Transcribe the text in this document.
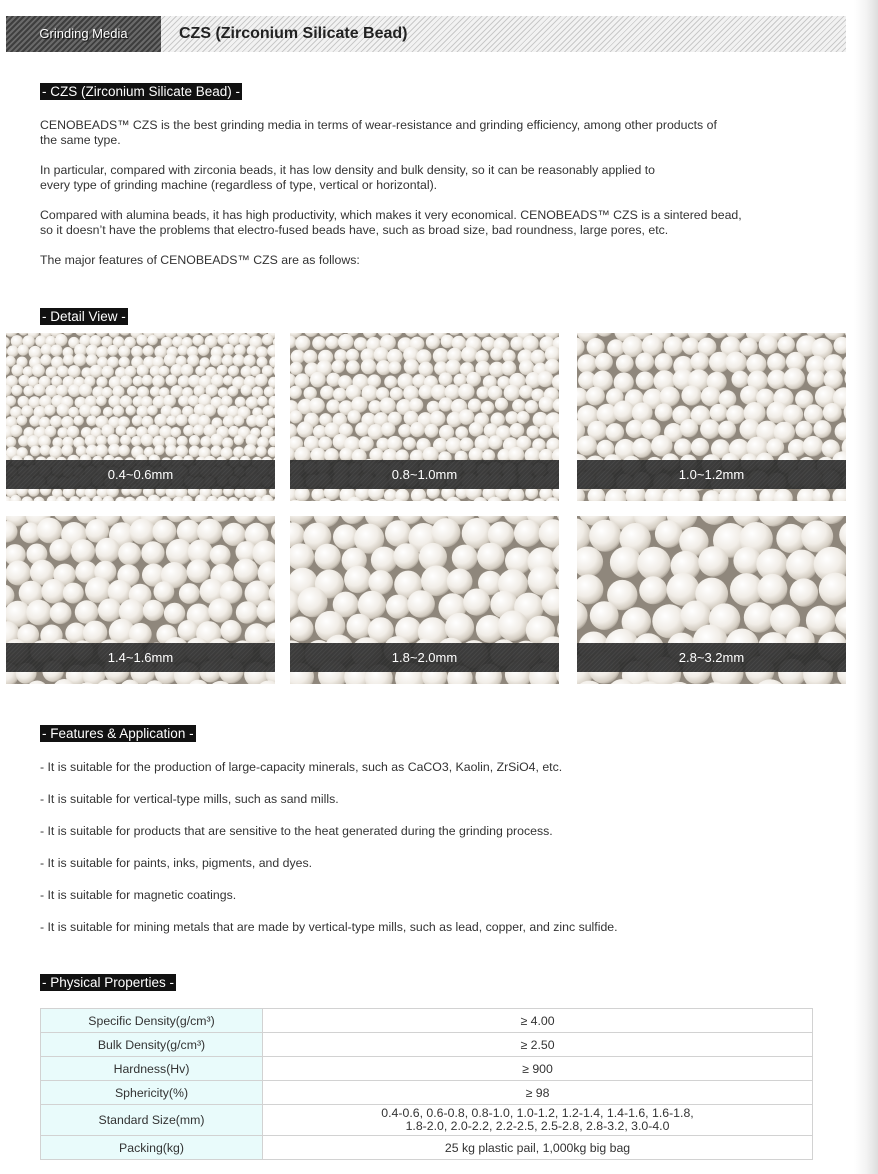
Grinding Media	CZS (Zirconium Silicate Bead)
- CZS (Zirconium Silicate Bead) -

CENOBEADS™ CZS is the best grinding media in terms of wear-resistance and grinding efficiency, among other products of
the same type.

In particular, compared with zirconia beads, it has low density and bulk density, so it can be reasonably applied to
every type of grinding machine (regardless of type, vertical or horizontal).

Compared with alumina beads, it has high productivity, which makes it very economical. CENOBEADS™ CZS is a sintered bead,
so it doesn’t have the problems that electro-fused beads have, such as broad size, bad roundness, large pores, etc.

The major features of CENOBEADS™ CZS are as follows:

- Detail View -
0.4~0.6mm	0.8~1.0mm	1.0~1.2mm
1.4~1.6mm	1.8~2.0mm	2.8~3.2mm
- Features & Application -

- It is suitable for the production of large-capacity minerals, such as CaCO3, Kaolin, ZrSiO4, etc.

- It is suitable for vertical-type mills, such as sand mills.

- It is suitable for products that are sensitive to the heat generated during the grinding process.

- It is suitable for paints, inks, pigments, and dyes.

- It is suitable for magnetic coatings.

- It is suitable for mining metals that are made by vertical-type mills, such as lead, copper, and zinc sulfide.

- Physical Properties -
Specific Density(g/cm³)	≥ 4.00
Bulk Density(g/cm³)	≥ 2.50
Hardness(Hv)	≥ 900
Sphericity(%)	≥ 98
Standard Size(mm)	0.4-0.6, 0.6-0.8, 0.8-1.0, 1.0-1.2, 1.2-1.4, 1.4-1.6, 1.6-1.8,
1.8-2.0, 2.0-2.2, 2.2-2.5, 2.5-2.8, 2.8-3.2, 3.0-4.0
Packing(kg)	25 kg plastic pail, 1,000kg big bag
